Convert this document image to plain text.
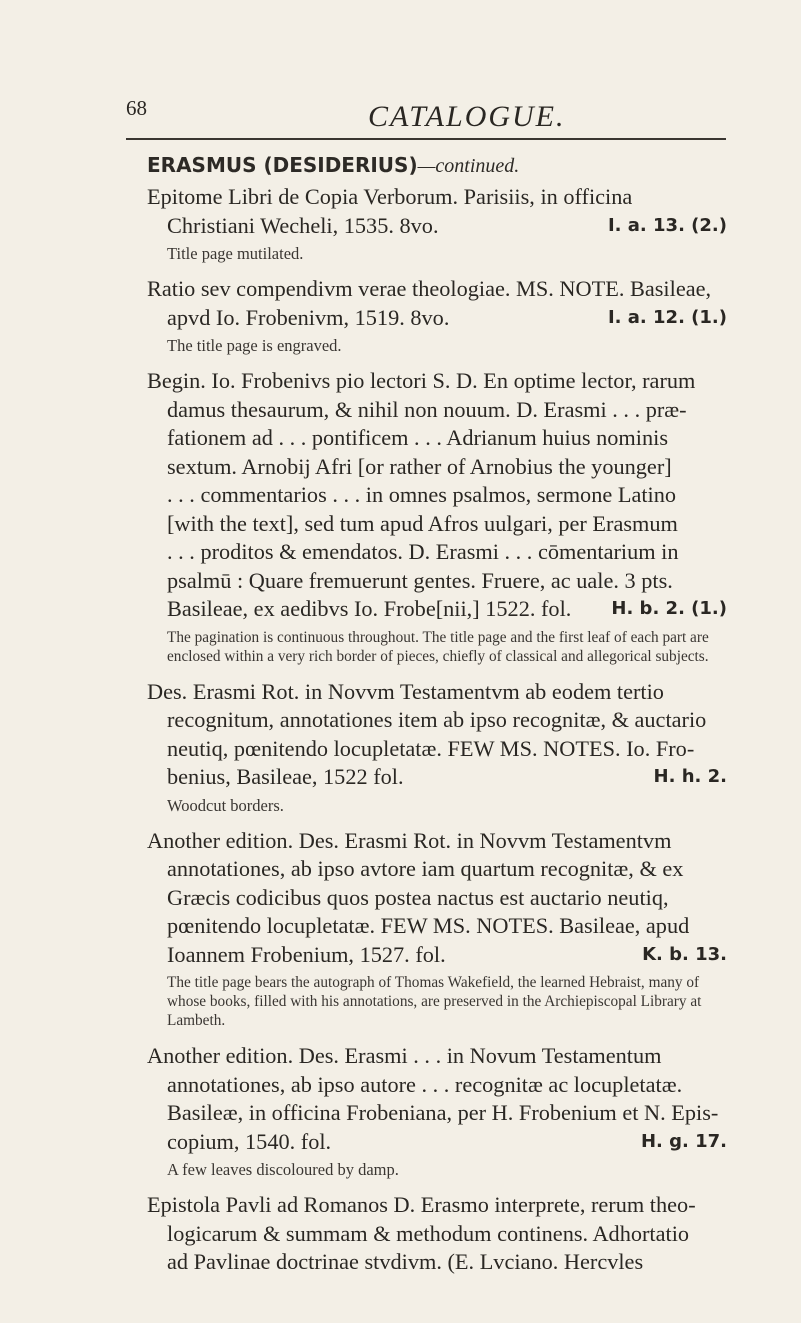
68	CATALOGUE.
ERASMUS (DESIDERIUS)—continued.
Epitome Libri de Copia Verborum. Parisiis, in officina
Christiani Wecheli, 1535. 8vo.	I. a. 13. (2.)
Title page mutilated.
Ratio sev compendivm verae theologiae. MS. NOTE. Basileae,
apvd Io. Frobenivm, 1519. 8vo.	I. a. 12. (1.)
The title page is engraved.
Begin. Io. Frobenivs pio lectori S. D. En optime lector, rarum
damus thesaurum, & nihil non nouum. D. Erasmi . . . præ-
fationem ad . . . pontificem . . . Adrianum huius nominis
sextum. Arnobij Afri [or rather of Arnobius the younger]
. . . commentarios . . . in omnes psalmos, sermone Latino
[with the text], sed tum apud Afros uulgari, per Erasmum
. . . proditos & emendatos. D. Erasmi . . . cōmentarium in
psalmū : Quare fremuerunt gentes. Fruere, ac uale. 3 pts.
Basileae, ex aedibvs Io. Frobe[nii,] 1522. fol. H. b. 2. (1.)
The pagination is continuous throughout. The title page and the first leaf of each part are enclosed within a very rich border of pieces, chiefly of classical and allegorical subjects.
Des. Erasmi Rot. in Novvm Testamentvm ab eodem tertio
recognitum, annotationes item ab ipso recognitæ, & auctario
neutiq, pœnitendo locupletatæ. FEW MS. NOTES. Io. Fro-
benius, Basileae, 1522 fol.	H. h. 2.
Woodcut borders.
Another edition. Des. Erasmi Rot. in Novvm Testamentvm
annotationes, ab ipso avtore iam quartum recognitæ, & ex
Græcis codicibus quos postea nactus est auctario neutiq,
pœnitendo locupletatæ. FEW MS. NOTES. Basileae, apud
Ioannem Frobenium, 1527. fol.	K. b. 13.
The title page bears the autograph of Thomas Wakefield, the learned Hebraist, many of whose books, filled with his annotations, are preserved in the Archiepiscopal Library at Lambeth.
Another edition. Des. Erasmi . . . in Novum Testamentum
annotationes, ab ipso autore . . . recognitæ ac locupletatæ.
Basileæ, in officina Frobeniana, per H. Frobenium et N. Epis-
copium, 1540. fol.	H. g. 17.
A few leaves discoloured by damp.
Epistola Pavli ad Romanos D. Erasmo interprete, rerum theo-
logicarum & summam & methodum continens. Adhortatio
ad Pavlinae doctrinae stvdivm. (E. Lvciano. Hercvles
